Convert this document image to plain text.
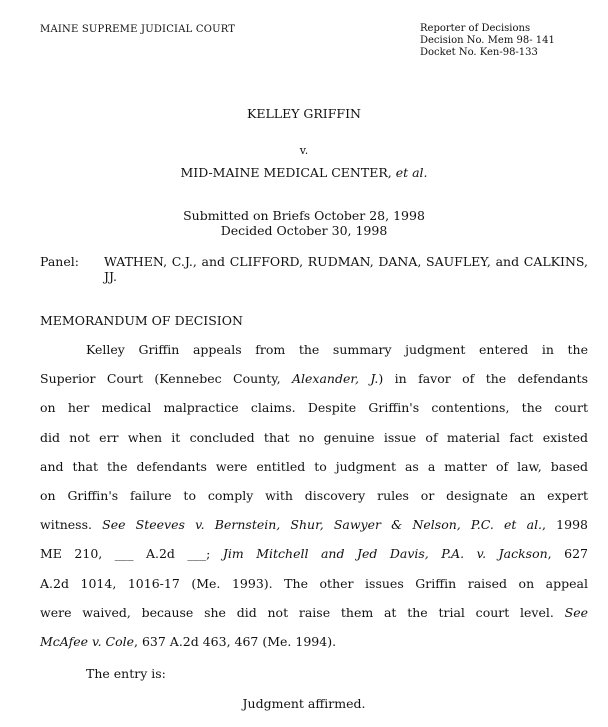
MAINE SUPREME JUDICIAL COURT	Reporter of Decisions
Decision No. Mem 98- 141
Docket No. Ken-98-133
KELLEY GRIFFIN
v.
MID-MAINE MEDICAL CENTER, et al.
Submitted on Briefs October 28, 1998
Decided October 30, 1998
Panel: WATHEN, C.J., and CLIFFORD, RUDMAN, DANA, SAUFLEY, and CALKINS, JJ.
MEMORANDUM OF DECISION
Kelley Griffin appeals from the summary judgment entered in the
Superior Court (Kennebec County, Alexander, J.) in favor of the defendants
on her medical malpractice claims. Despite Griffin's contentions, the court
did not err when it concluded that no genuine issue of material fact existed
and that the defendants were entitled to judgment as a matter of law, based
on Griffin's failure to comply with discovery rules or designate an expert
witness. See Steeves v. Bernstein, Shur, Sawyer & Nelson, P.C. et al., 1998
ME 210, ___ A.2d ___; Jim Mitchell and Jed Davis, P.A. v. Jackson, 627
A.2d 1014, 1016-17 (Me. 1993). The other issues Griffin raised on appeal
were waived, because she did not raise them at the trial court level. See
McAfee v. Cole, 637 A.2d 463, 467 (Me. 1994).
The entry is:
Judgment affirmed.
